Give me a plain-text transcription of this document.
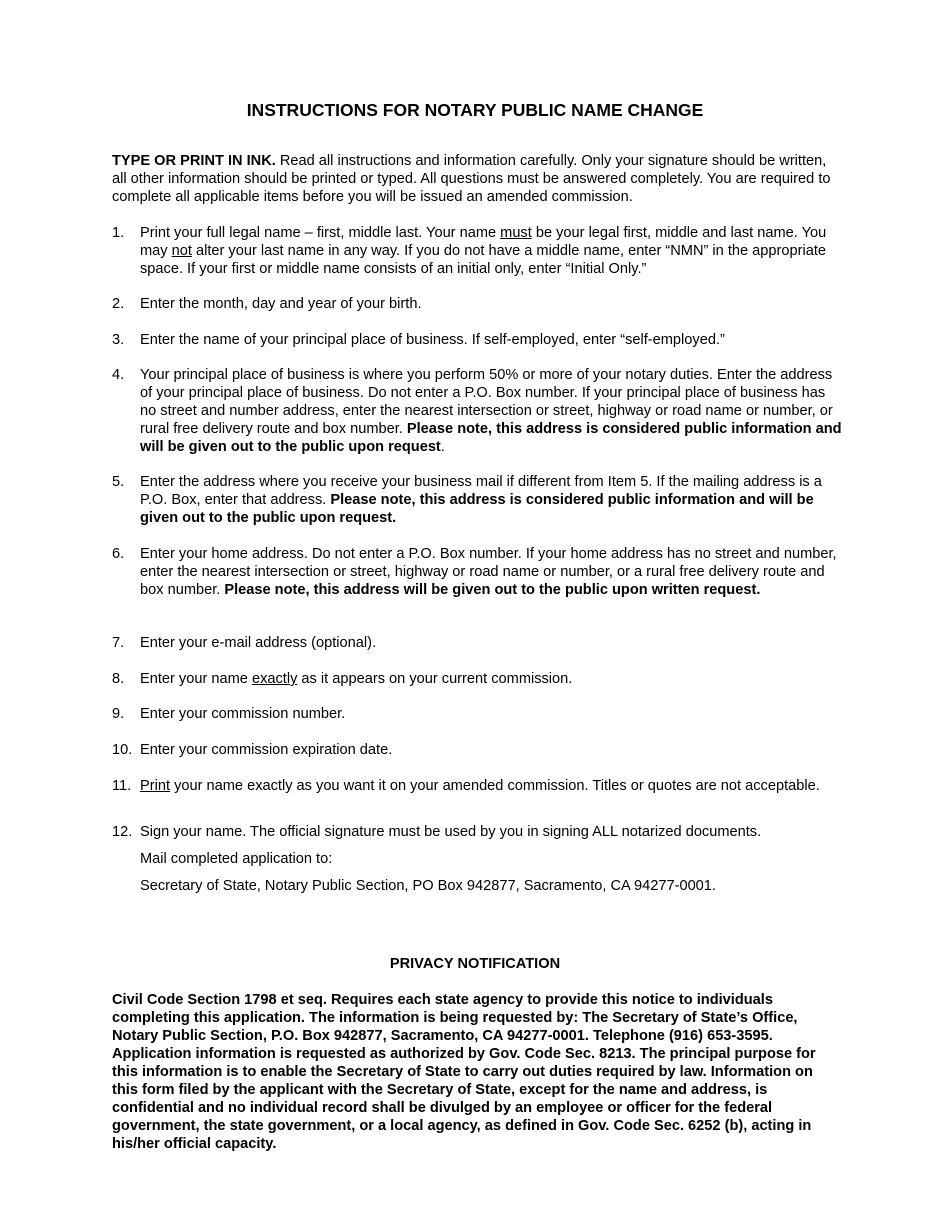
INSTRUCTIONS FOR NOTARY PUBLIC NAME CHANGE
TYPE OR PRINT IN INK. Read all instructions and information carefully. Only your signature should be written, all other information should be printed or typed. All questions must be answered completely. You are required to complete all applicable items before you will be issued an amended commission.
1. Print your full legal name – first, middle last. Your name must be your legal first, middle and last name. You may not alter your last name in any way. If you do not have a middle name, enter “NMN” in the appropriate space. If your first or middle name consists of an initial only, enter “Initial Only.”
2. Enter the month, day and year of your birth.
3. Enter the name of your principal place of business. If self-employed, enter “self-employed.”
4. Your principal place of business is where you perform 50% or more of your notary duties. Enter the address of your principal place of business. Do not enter a P.O. Box number. If your principal place of business has no street and number address, enter the nearest intersection or street, highway or road name or number, or rural free delivery route and box number. Please note, this address is considered public information and will be given out to the public upon request.
5. Enter the address where you receive your business mail if different from Item 5. If the mailing address is a P.O. Box, enter that address. Please note, this address is considered public information and will be given out to the public upon request.
6. Enter your home address. Do not enter a P.O. Box number. If your home address has no street and number, enter the nearest intersection or street, highway or road name or number, or a rural free delivery route and box number. Please note, this address will be given out to the public upon written request.
7. Enter your e-mail address (optional).
8. Enter your name exactly as it appears on your current commission.
9. Enter your commission number.
10. Enter your commission expiration date.
11. Print your name exactly as you want it on your amended commission. Titles or quotes are not acceptable.
12. Sign your name. The official signature must be used by you in signing ALL notarized documents.
Mail completed application to:
Secretary of State, Notary Public Section, PO Box 942877, Sacramento, CA 94277-0001.
PRIVACY NOTIFICATION
Civil Code Section 1798 et seq. Requires each state agency to provide this notice to individuals completing this application. The information is being requested by: The Secretary of State’s Office, Notary Public Section, P.O. Box 942877, Sacramento, CA 94277-0001. Telephone (916) 653-3595. Application information is requested as authorized by Gov. Code Sec. 8213. The principal purpose for this information is to enable the Secretary of State to carry out duties required by law. Information on this form filed by the applicant with the Secretary of State, except for the name and address, is confidential and no individual record shall be divulged by an employee or officer for the federal government, the state government, or a local agency, as defined in Gov. Code Sec. 6252 (b), acting in his/her official capacity.
